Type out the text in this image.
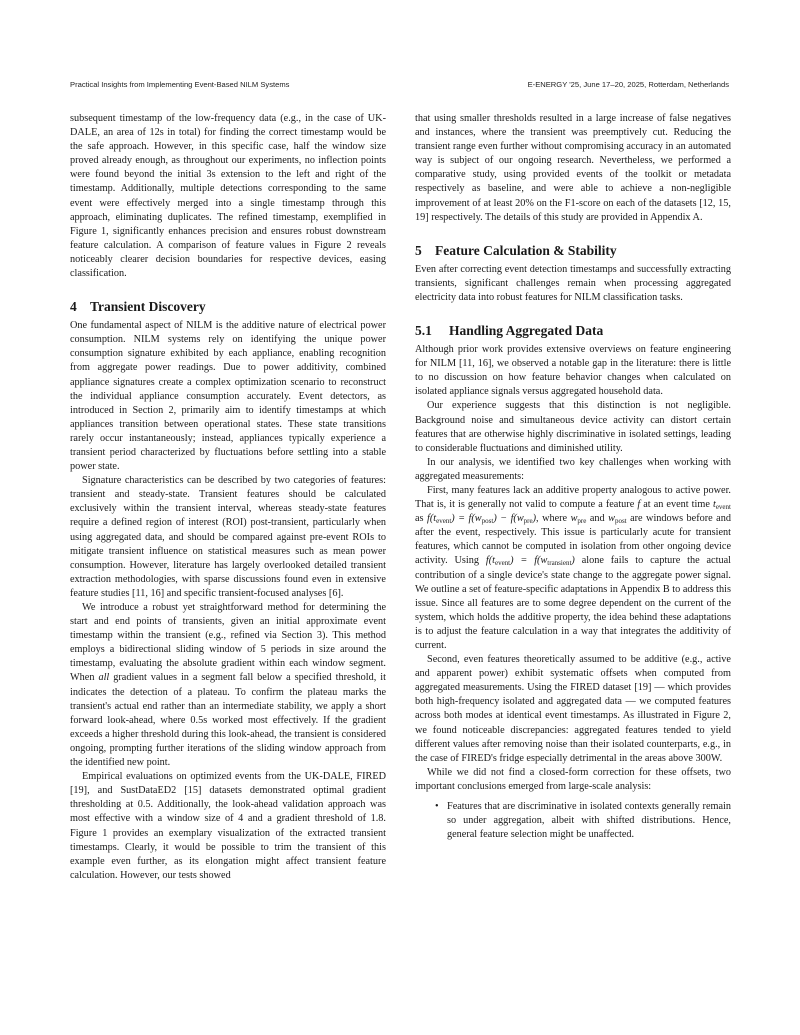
Practical Insights from Implementing Event-Based NILM Systems	E-ENERGY '25, June 17–20, 2025, Rotterdam, Netherlands

subsequent timestamp of the low-frequency data (e.g., in the case of UK-DALE, an area of 12s in total) for finding the correct timestamp would be the safe approach. However, in this specific case, half the window size proved already enough, as throughout our experiments, no inflection points were found beyond the initial 3s extension to the left and right of the timestamp. Additionally, multiple detections corresponding to the same event were effectively merged into a single timestamp through this approach, eliminating duplicates. The refined timestamp, exemplified in Figure 1, significantly enhances precision and ensures robust downstream feature calculation. A comparison of feature values in Figure 2 reveals noticeably clearer decision boundaries for respective devices, easing classification.

4 Transient Discovery

One fundamental aspect of NILM is the additive nature of electrical power consumption. NILM systems rely on identifying the unique power consumption signature exhibited by each appliance, enabling recognition from aggregate power readings. Due to power additivity, combined appliance signatures create a complex optimization scenario to reconstruct the individual appliance consumption accurately. Event detectors, as introduced in Section 2, primarily aim to identify timestamps at which appliances transition between operational states. These state transitions rarely occur instantaneously; instead, appliances typically experience a transient period characterized by fluctuations before settling into a stable power state.

Signature characteristics can be described by two categories of features: transient and steady-state. Transient features should be calculated exclusively within the transient interval, whereas steady-state features require a defined region of interest (ROI) post-transient, particularly when using aggregated data, and should be compared against pre-event ROIs to mitigate transient influence on statistical measures such as mean power consumption. However, literature has largely overlooked detailed transient extraction methodologies, with sparse discussions found even in extensive feature studies [11, 16] and specific transient-focused analyses [6].

We introduce a robust yet straightforward method for determining the start and end points of transients, given an initial approximate event timestamp within the transient (e.g., refined via Section 3). This method employs a bidirectional sliding window of 5 periods in size around the timestamp, evaluating the absolute gradient within each window segment. When all gradient values in a segment fall below a specified threshold, it indicates the detection of a plateau. To confirm the plateau marks the transient's actual end rather than an intermediate stability, we apply a short forward look-ahead, where 0.5s worked most effectively. If the gradient exceeds a higher threshold during this look-ahead, the transient is considered ongoing, prompting further iterations of the sliding window approach from the identified new point.

Empirical evaluations on optimized events from the UK-DALE, FIRED [19], and SustDataED2 [15] datasets demonstrated optimal gradient thresholding at 0.5. Additionally, the look-ahead validation approach was most effective with a window size of 4 and a gradient threshold of 1.8. Figure 1 provides an exemplary visualization of the extracted transient timestamps. Clearly, it would be possible to trim the transient of this example even further, as its elongation might affect transient feature calculation. However, our tests showed

that using smaller thresholds resulted in a large increase of false negatives and instances, where the transient was preemptively cut. Reducing the transient range even further without compromising accuracy in an automated way is subject of our ongoing research. Nevertheless, we performed a comparative study, using provided events of the toolkit or metadata respectively as baseline, and were able to achieve a non-negligible improvement of at least 20% on the F1-score on each of the datasets [12, 15, 19] respectively. The details of this study are provided in Appendix A.

5 Feature Calculation & Stability

Even after correcting event detection timestamps and successfully extracting transients, significant challenges remain when processing aggregated electricity data into robust features for NILM classification tasks.

5.1 Handling Aggregated Data

Although prior work provides extensive overviews on feature engineering for NILM [11, 16], we observed a notable gap in the literature: there is little to no discussion on how feature behavior changes when calculated on isolated appliance signals versus aggregated household data.

Our experience suggests that this distinction is not negligible. Background noise and simultaneous device activity can distort certain features that are otherwise highly discriminative in isolated settings, leading to considerable fluctuations and diminished utility.

In our analysis, we identified two key challenges when working with aggregated measurements:

First, many features lack an additive property analogous to active power. That is, it is generally not valid to compute a feature f at an event time $t_{event}$ as $f(t_{event}) = f(w_{post}) - f(w_{pre})$, where $w_{pre}$ and $w_{post}$ are windows before and after the event, respectively. This issue is particularly acute for transient features, which cannot be computed in isolation from other ongoing device activity. Using $f(t_{event}) = f(w_{transient})$ alone fails to capture the actual contribution of a single device's state change to the aggregate power signal. We outline a set of feature-specific adaptations in Appendix B to address this issue. Since all features are to some degree dependent on the current of the system, which holds the additive property, the idea behind these adaptations is to adjust the feature calculation in a way that integrates the additivity of current.

Second, even features theoretically assumed to be additive (e.g., active and apparent power) exhibit systematic offsets when computed from aggregated measurements. Using the FIRED dataset [19] — which provides both high-frequency isolated and aggregated data — we computed features across both modes at identical event timestamps. As illustrated in Figure 2, we found noticeable discrepancies: aggregated features tended to yield different values after removing noise than their isolated counterparts, e.g., in the case of FIRED's fridge especially detrimental in the areas above 300W.

While we did not find a closed-form correction for these offsets, two important conclusions emerged from large-scale analysis:

• Features that are discriminative in isolated contexts generally remain so under aggregation, albeit with shifted distributions. Hence, general feature selection might be unaffected.
